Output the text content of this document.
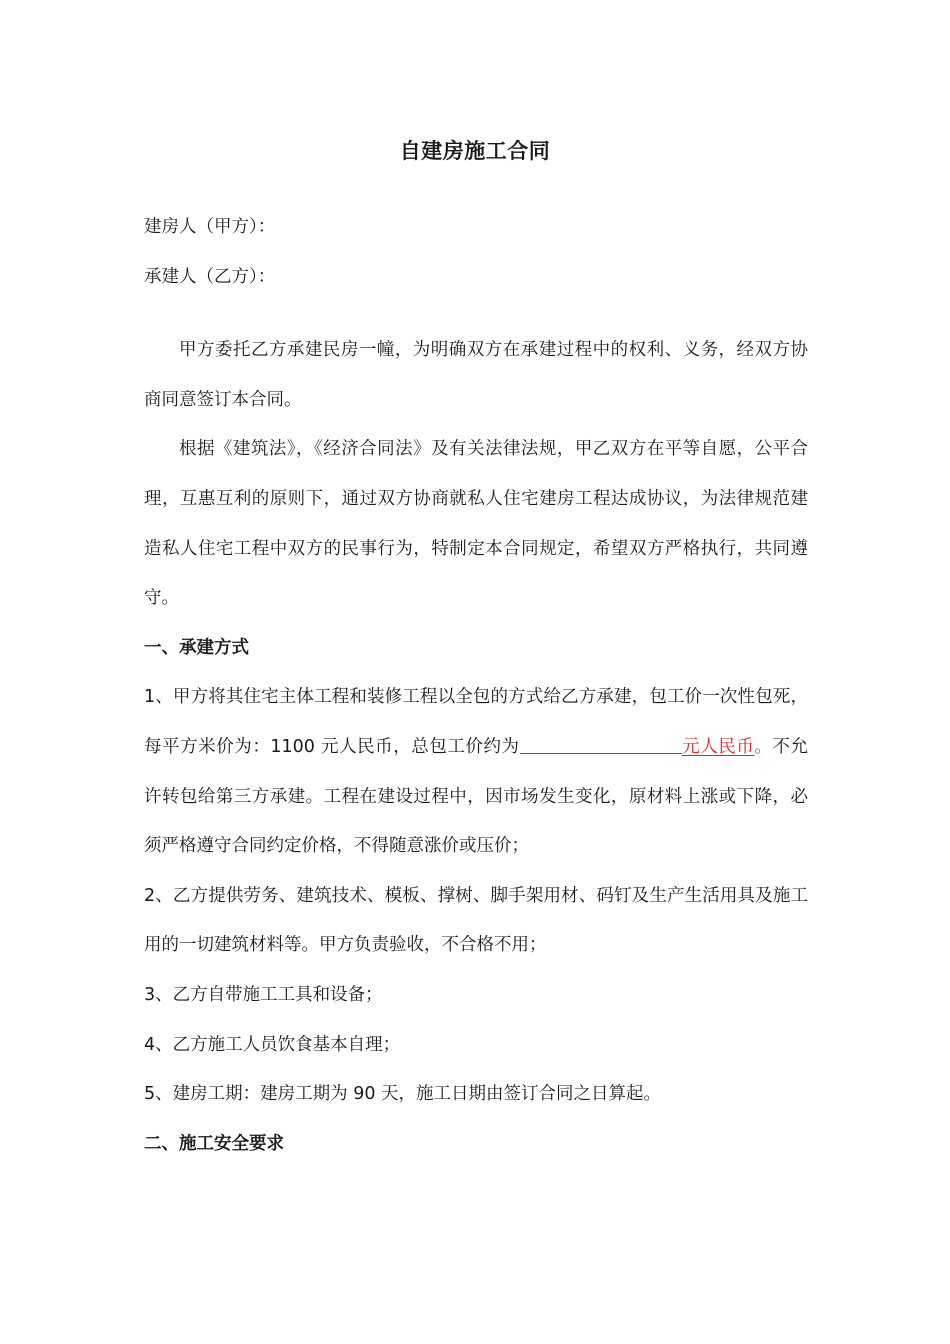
自建房施工合同

建房人（甲方）：

承建人（乙方）：

甲方委托乙方承建民房一幢，为明确双方在承建过程中的权利、义务，经双方协商同意签订本合同。

根据《建筑法》，《经济合同法》及有关法律法规，甲乙双方在平等自愿，公平合理，互惠互利的原则下，通过双方协商就私人住宅建房工程达成协议，为法律规范建造私人住宅工程中双方的民事行为，特制定本合同规定，希望双方严格执行，共同遵守。

一、承建方式

1、甲方将其住宅主体工程和装修工程以全包的方式给乙方承建，包工价一次性包死，每平方米价为：1100 元人民币，总包工价约为	元人民币。不允许转包给第三方承建。工程在建设过程中，因市场发生变化，原材料上涨或下降，必须严格遵守合同约定价格，不得随意涨价或压价；

2、乙方提供劳务、建筑技术、模板、撑树、脚手架用材、码钉及生产生活用具及施工用的一切建筑材料等。甲方负责验收，不合格不用；

3、乙方自带施工工具和设备；

4、乙方施工人员饮食基本自理；

5、建房工期：建房工期为 90 天，施工日期由签订合同之日算起。

二、施工安全要求
